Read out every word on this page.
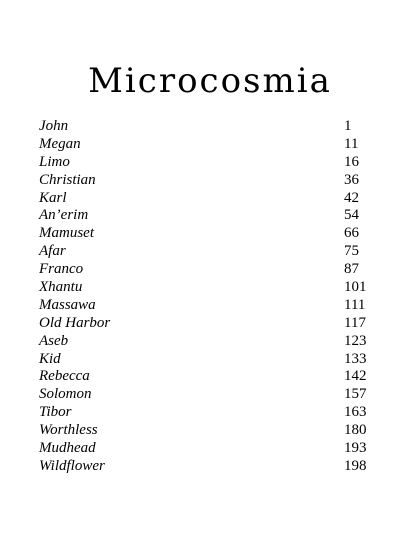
Microcosmia
John	1
Megan	11
Limo	16
Christian	36
Karl	42
An’erim	54
Mamuset	66
Afar	75
Franco	87
Xhantu	101
Massawa	111
Old Harbor	117
Aseb	123
Kid	133
Rebecca	142
Solomon	157
Tibor	163
Worthless	180
Mudhead	193
Wildflower	198
